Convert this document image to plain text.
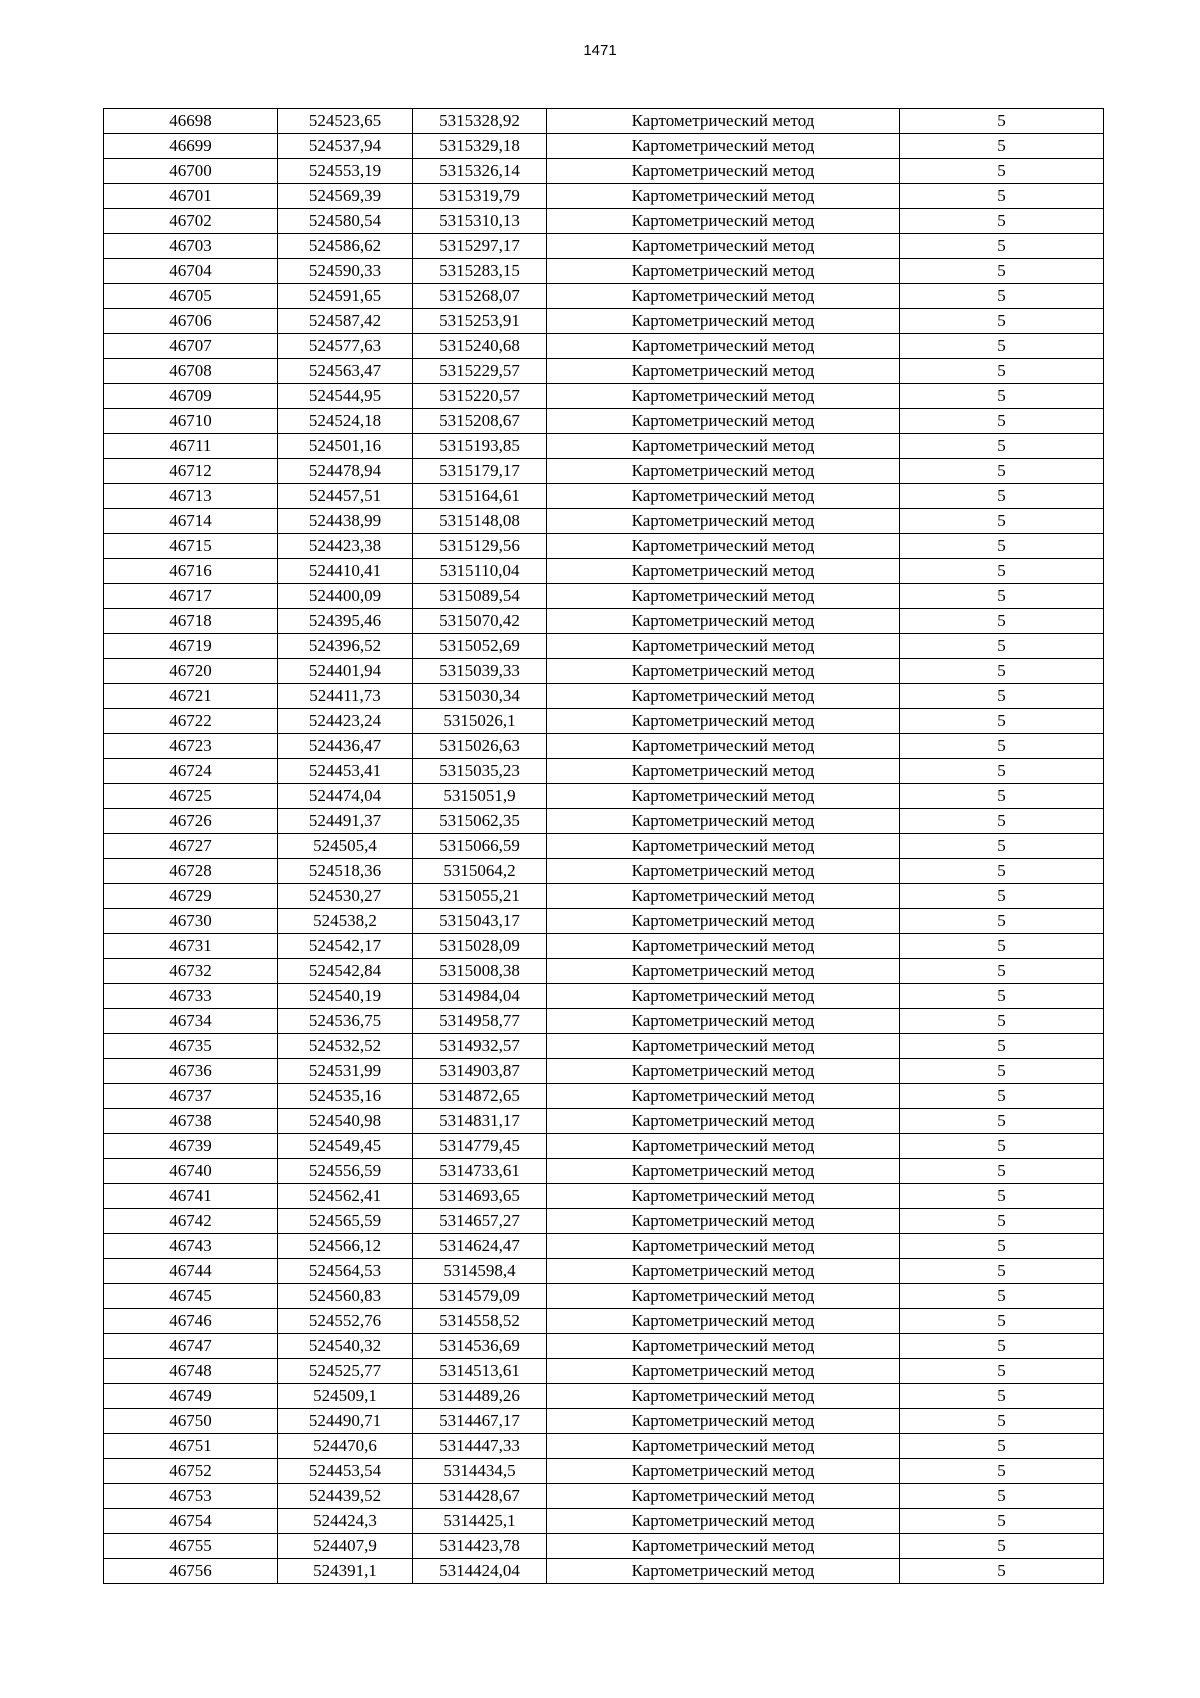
1471
46698	524523,65	5315328,92	Картометрический метод	5
46699	524537,94	5315329,18	Картометрический метод	5
46700	524553,19	5315326,14	Картометрический метод	5
46701	524569,39	5315319,79	Картометрический метод	5
46702	524580,54	5315310,13	Картометрический метод	5
46703	524586,62	5315297,17	Картометрический метод	5
46704	524590,33	5315283,15	Картометрический метод	5
46705	524591,65	5315268,07	Картометрический метод	5
46706	524587,42	5315253,91	Картометрический метод	5
46707	524577,63	5315240,68	Картометрический метод	5
46708	524563,47	5315229,57	Картометрический метод	5
46709	524544,95	5315220,57	Картометрический метод	5
46710	524524,18	5315208,67	Картометрический метод	5
46711	524501,16	5315193,85	Картометрический метод	5
46712	524478,94	5315179,17	Картометрический метод	5
46713	524457,51	5315164,61	Картометрический метод	5
46714	524438,99	5315148,08	Картометрический метод	5
46715	524423,38	5315129,56	Картометрический метод	5
46716	524410,41	5315110,04	Картометрический метод	5
46717	524400,09	5315089,54	Картометрический метод	5
46718	524395,46	5315070,42	Картометрический метод	5
46719	524396,52	5315052,69	Картометрический метод	5
46720	524401,94	5315039,33	Картометрический метод	5
46721	524411,73	5315030,34	Картометрический метод	5
46722	524423,24	5315026,1	Картометрический метод	5
46723	524436,47	5315026,63	Картометрический метод	5
46724	524453,41	5315035,23	Картометрический метод	5
46725	524474,04	5315051,9	Картометрический метод	5
46726	524491,37	5315062,35	Картометрический метод	5
46727	524505,4	5315066,59	Картометрический метод	5
46728	524518,36	5315064,2	Картометрический метод	5
46729	524530,27	5315055,21	Картометрический метод	5
46730	524538,2	5315043,17	Картометрический метод	5
46731	524542,17	5315028,09	Картометрический метод	5
46732	524542,84	5315008,38	Картометрический метод	5
46733	524540,19	5314984,04	Картометрический метод	5
46734	524536,75	5314958,77	Картометрический метод	5
46735	524532,52	5314932,57	Картометрический метод	5
46736	524531,99	5314903,87	Картометрический метод	5
46737	524535,16	5314872,65	Картометрический метод	5
46738	524540,98	5314831,17	Картометрический метод	5
46739	524549,45	5314779,45	Картометрический метод	5
46740	524556,59	5314733,61	Картометрический метод	5
46741	524562,41	5314693,65	Картометрический метод	5
46742	524565,59	5314657,27	Картометрический метод	5
46743	524566,12	5314624,47	Картометрический метод	5
46744	524564,53	5314598,4	Картометрический метод	5
46745	524560,83	5314579,09	Картометрический метод	5
46746	524552,76	5314558,52	Картометрический метод	5
46747	524540,32	5314536,69	Картометрический метод	5
46748	524525,77	5314513,61	Картометрический метод	5
46749	524509,1	5314489,26	Картометрический метод	5
46750	524490,71	5314467,17	Картометрический метод	5
46751	524470,6	5314447,33	Картометрический метод	5
46752	524453,54	5314434,5	Картометрический метод	5
46753	524439,52	5314428,67	Картометрический метод	5
46754	524424,3	5314425,1	Картометрический метод	5
46755	524407,9	5314423,78	Картометрический метод	5
46756	524391,1	5314424,04	Картометрический метод	5
